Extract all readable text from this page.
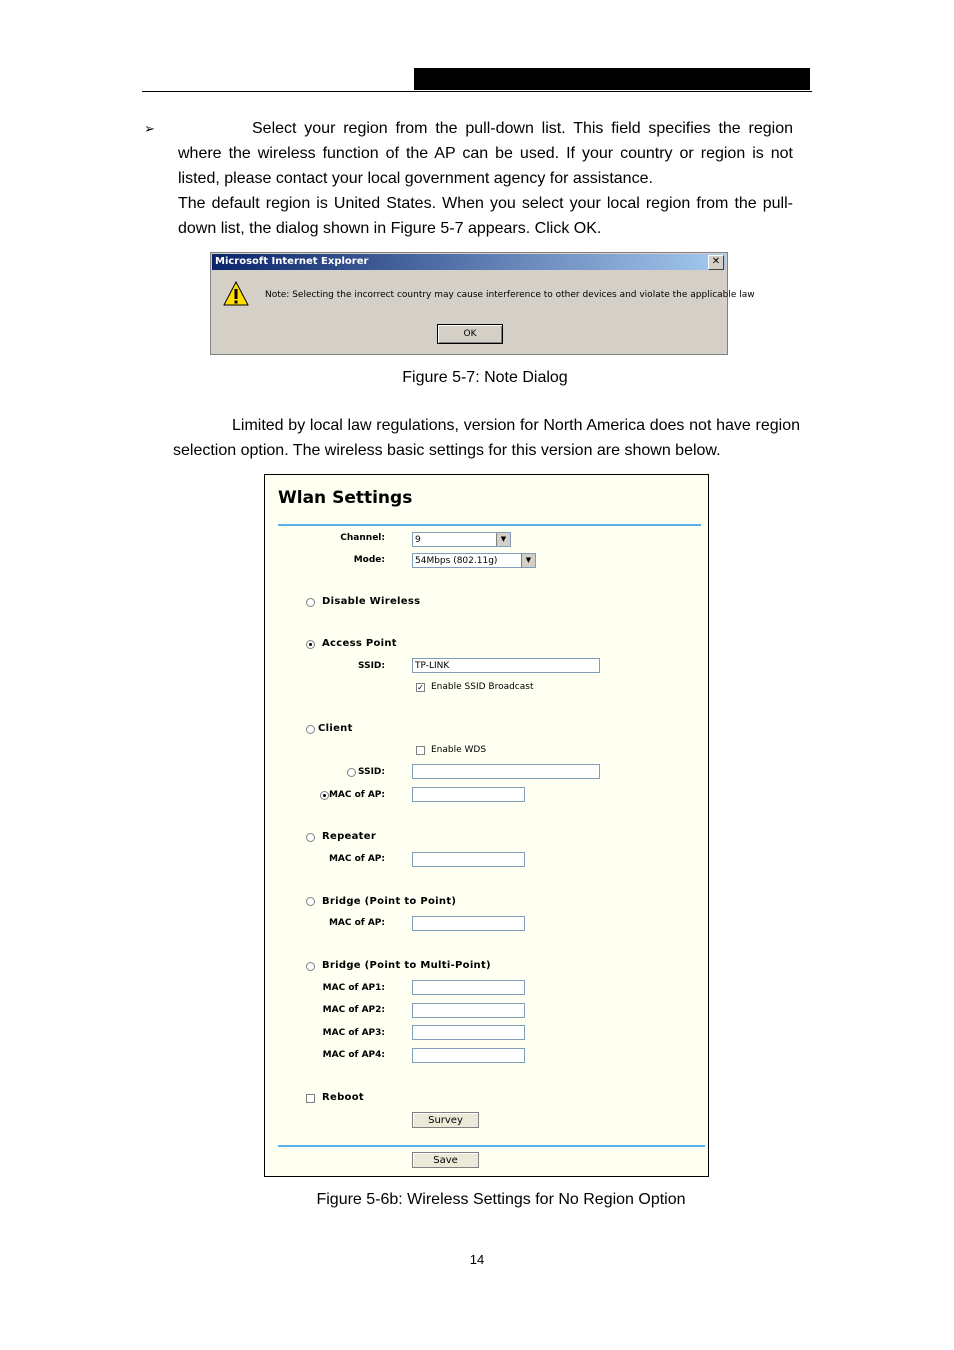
➢	Select your region from the pull-down list. This field specifies the region where the wireless function of the AP can be used. If your country or region is not listed, please contact your local government agency for assistance.
The default region is United States. When you select your local region from the pull-down list, the dialog shown in Figure 5-7 appears. Click OK.
Microsoft Internet Explorer	✕
Note: Selecting the incorrect country may cause interference to other devices and violate the applicable law
OK
Figure 5-7: Note Dialog
Limited by local law regulations, version for North America does not have region selection option. The wireless basic settings for this version are shown below.
Wlan Settings
Channel:	9	▼
Mode:	54Mbps (802.11g)	▼
Disable Wireless
Access Point
SSID:	TP-LINK
✓ Enable SSID Broadcast
Client
Enable WDS
SSID:
MAC of AP:
Repeater
MAC of AP:
Bridge (Point to Point)
MAC of AP:
Bridge (Point to Multi-Point)
MAC of AP1:
MAC of AP2:
MAC of AP3:
MAC of AP4:
Reboot
Survey
Save
Figure 5-6b: Wireless Settings for No Region Option
14
